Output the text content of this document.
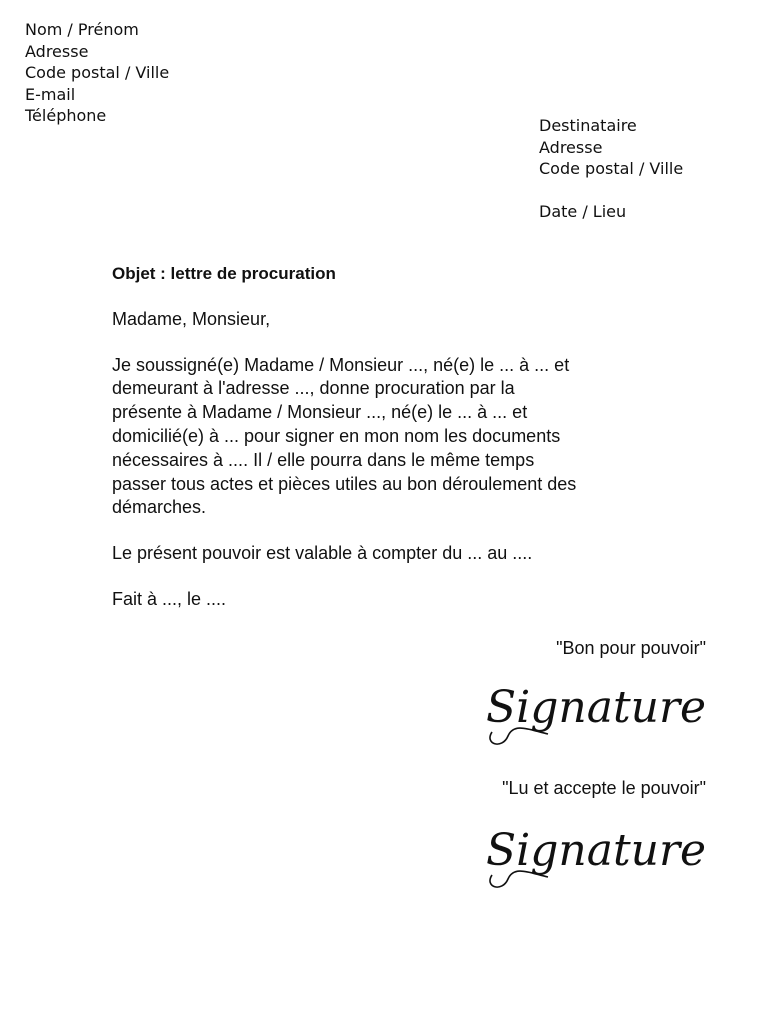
Nom / Prénom
Adresse
Code postal / Ville
E-mail
Téléphone
Destinataire
Adresse
Code postal / Ville
Date / Lieu

Objet : lettre de procuration

Madame, Monsieur,

Je soussigné(e) Madame / Monsieur ..., né(e) le ... à ... et
demeurant à l'adresse ..., donne procuration par la
présente à Madame / Monsieur ..., né(e) le ... à ... et
domicilié(e) à ... pour signer en mon nom les documents
nécessaires à .... Il / elle pourra dans le même temps
passer tous actes et pièces utiles au bon déroulement des
démarches.

Le présent pouvoir est valable à compter du ... au ....

Fait à ..., le ....

"Bon pour pouvoir"
Signature
"Lu et accepte le pouvoir"
Signature
